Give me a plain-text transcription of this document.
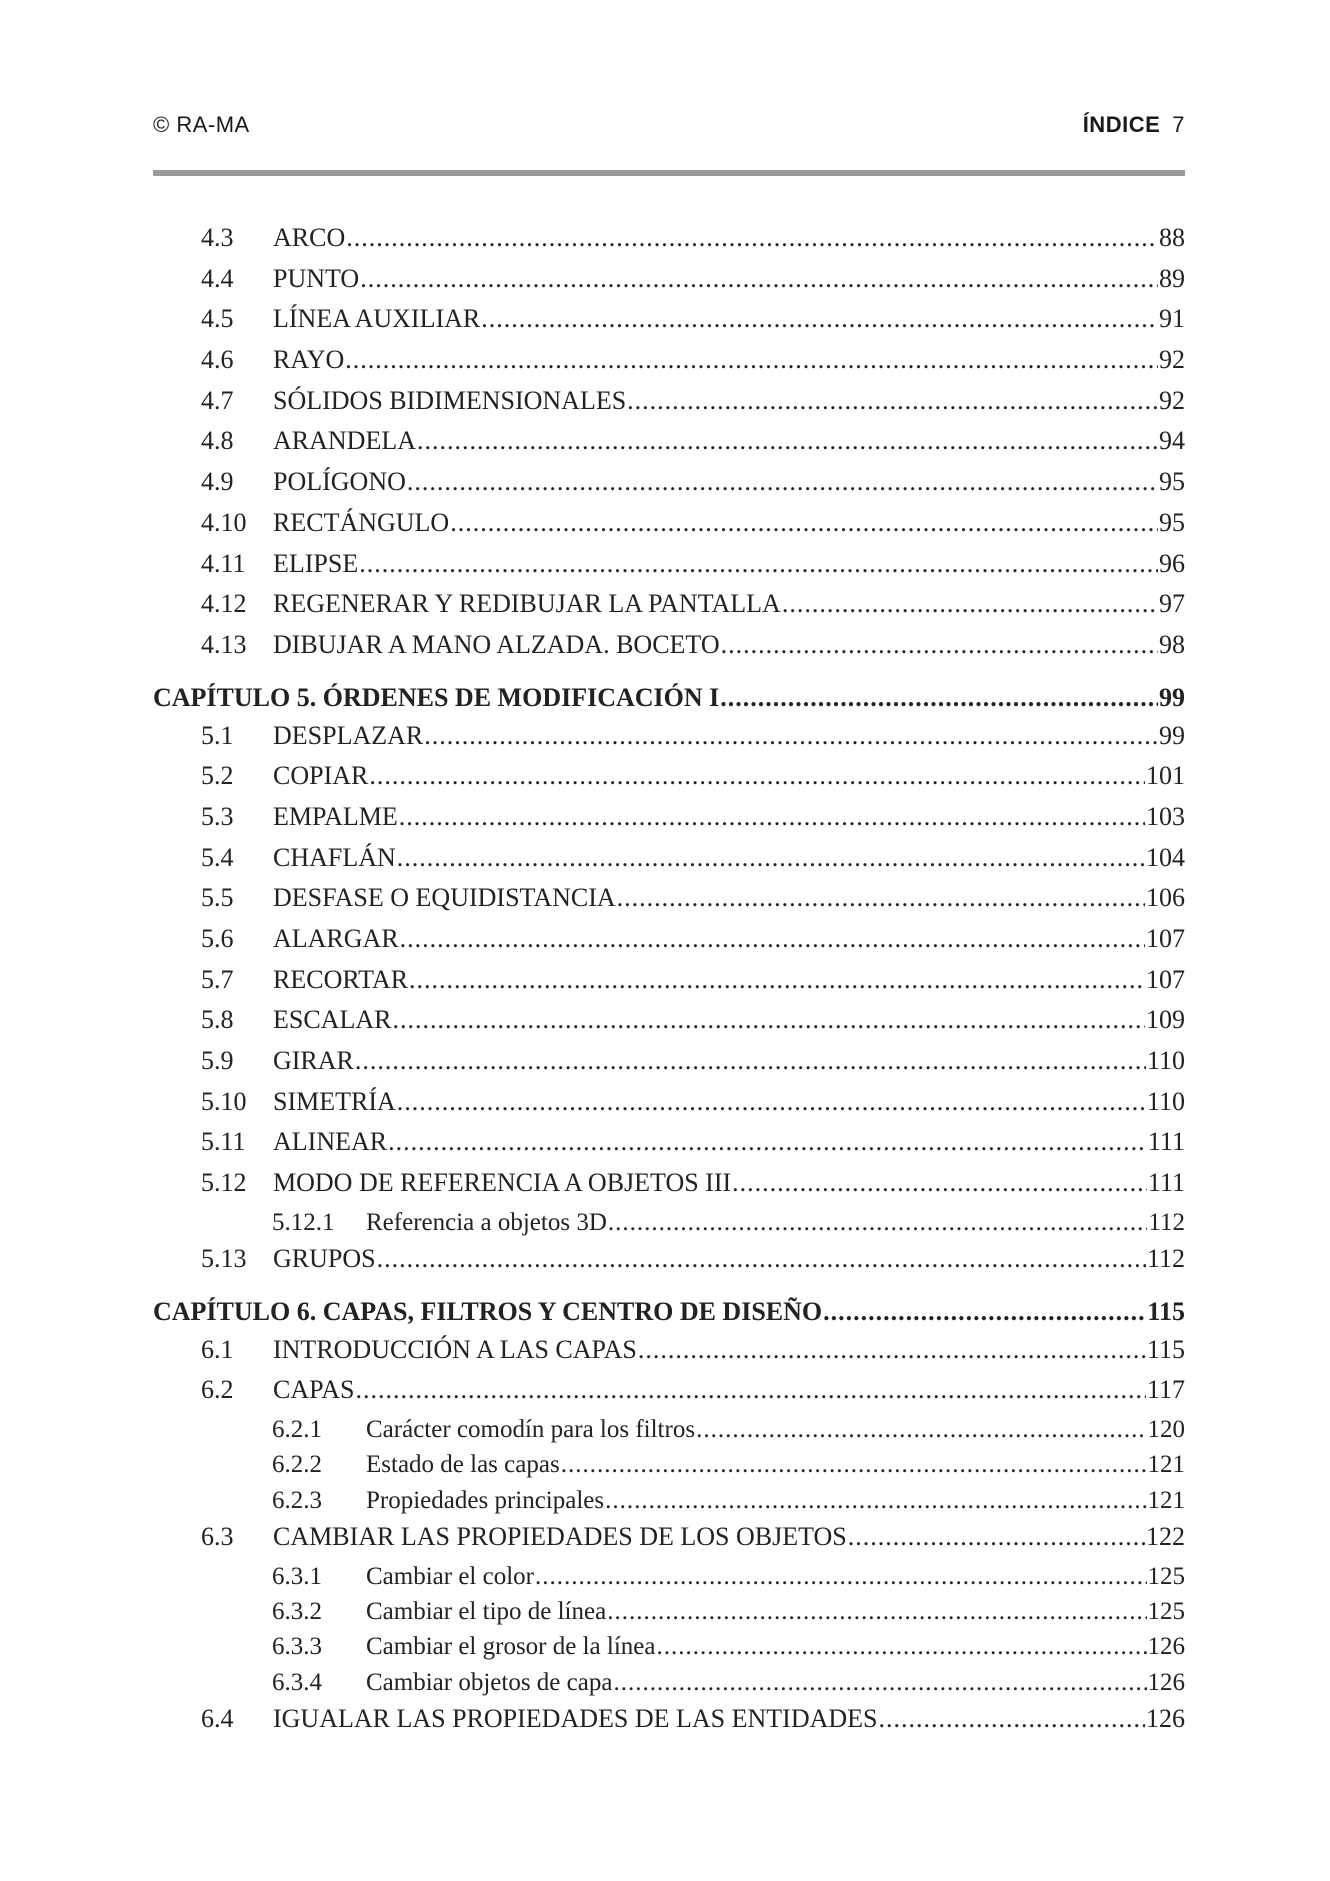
© RA-MA	ÍNDICE 7
4.3	ARCO .....	88
4.4	PUNTO .....	89
4.5	LÍNEA AUXILIAR .....	91
4.6	RAYO .....	92
4.7	SÓLIDOS BIDIMENSIONALES .....	92
4.8	ARANDELA .....	94
4.9	POLÍGONO .....	95
4.10	RECTÁNGULO .....	95
4.11	ELIPSE .....	96
4.12	REGENERAR Y REDIBUJAR LA PANTALLA .....	97
4.13	DIBUJAR A MANO ALZADA. BOCETO .....	98
CAPÍTULO 5. ÓRDENES DE MODIFICACIÓN I .....	99
5.1	DESPLAZAR .....	99
5.2	COPIAR .....	101
5.3	EMPALME .....	103
5.4	CHAFLÁN .....	104
5.5	DESFASE O EQUIDISTANCIA .....	106
5.6	ALARGAR .....	107
5.7	RECORTAR .....	107
5.8	ESCALAR .....	109
5.9	GIRAR .....	110
5.10	SIMETRÍA .....	110
5.11	ALINEAR .....	111
5.12	MODO DE REFERENCIA A OBJETOS III .....	111
5.12.1	Referencia a objetos 3D .....	112
5.13	GRUPOS .....	112
CAPÍTULO 6. CAPAS, FILTROS Y CENTRO DE DISEÑO .....	115
6.1	INTRODUCCIÓN A LAS CAPAS .....	115
6.2	CAPAS .....	117
6.2.1	Carácter comodín para los filtros .....	120
6.2.2	Estado de las capas .....	121
6.2.3	Propiedades principales .....	121
6.3	CAMBIAR LAS PROPIEDADES DE LOS OBJETOS .....	122
6.3.1	Cambiar el color .....	125
6.3.2	Cambiar el tipo de línea .....	125
6.3.3	Cambiar el grosor de la línea .....	126
6.3.4	Cambiar objetos de capa .....	126
6.4	IGUALAR LAS PROPIEDADES DE LAS ENTIDADES .....	126
